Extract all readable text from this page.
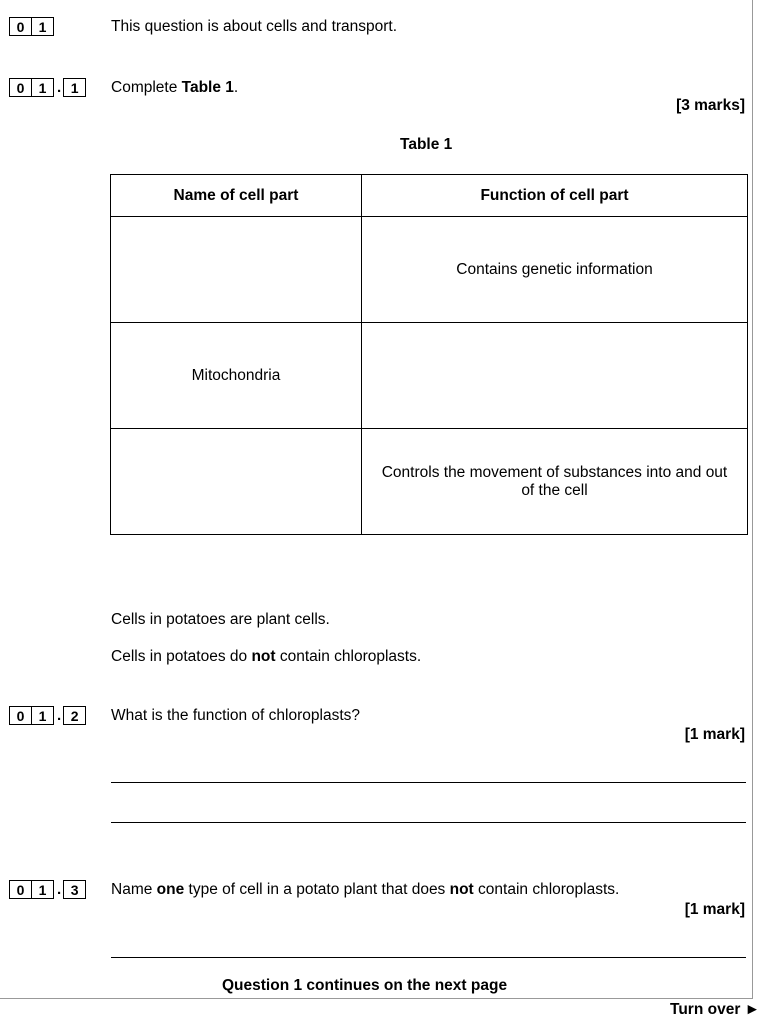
0	1	This question is about cells and transport.
0	1 . 1	Complete Table 1.
[3 marks]
Table 1
Name of cell part	Function of cell part
	Contains genetic information
Mitochondria	
	Controls the movement of substances into and out of the cell
Cells in potatoes are plant cells.
Cells in potatoes do not contain chloroplasts.
0	1 . 2	What is the function of chloroplasts?
[1 mark]
0	1 . 3	Name one type of cell in a potato plant that does not contain chloroplasts.
[1 mark]
Question 1 continues on the next page
Turn over ►
